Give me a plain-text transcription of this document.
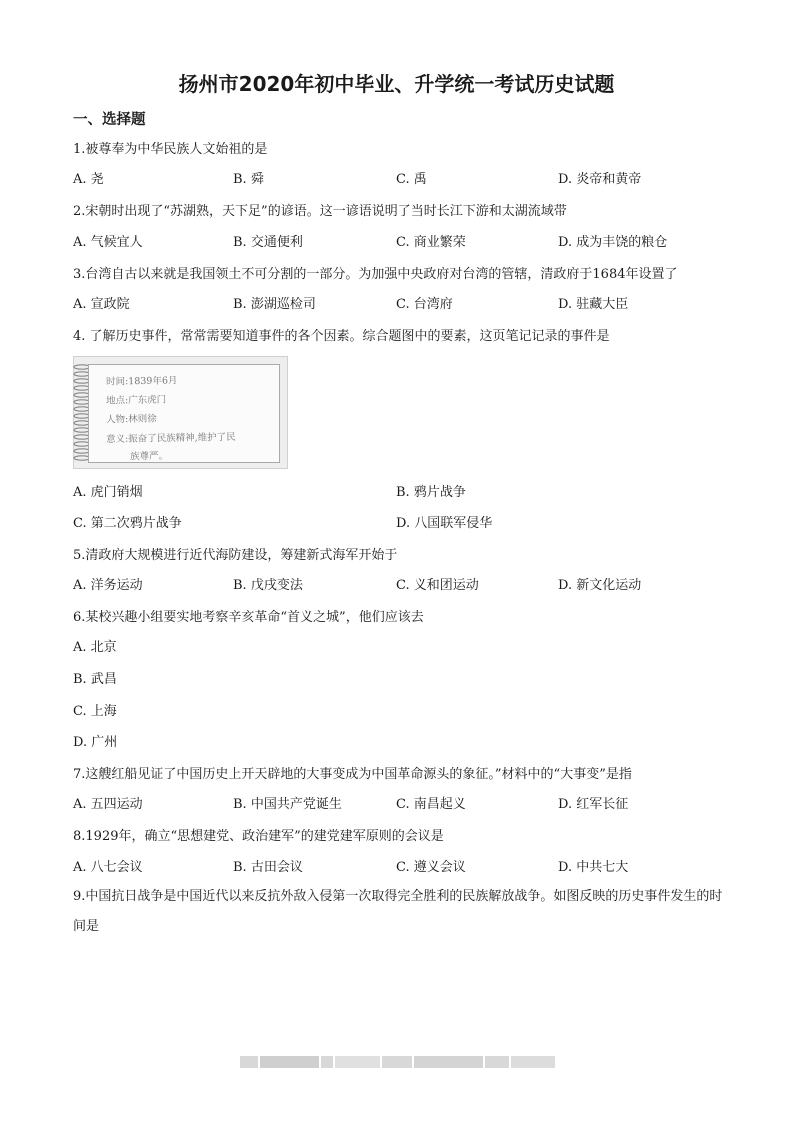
扬州市2020年初中毕业、升学统一考试历史试题
一、选择题
1.被尊奉为中华民族人文始祖的是
A. 尧	B. 舜	C. 禹	D. 炎帝和黄帝
2.宋朝时出现了“苏湖熟，天下足”的谚语。这一谚语说明了当时长江下游和太湖流域带
A. 气候宜人	B. 交通便利	C. 商业繁荣	D. 成为丰饶的粮仓
3.台湾自古以来就是我国领土不可分割的一部分。为加强中央政府对台湾的管辖，清政府于1684年设置了
A. 宣政院	B. 澎湖巡检司	C. 台湾府	D. 驻藏大臣
4. 了解历史事件，常常需要知道事件的各个因素。综合题图中的要素，这页笔记记录的事件是
时间:1839年6月
地点:广东虎门
人物:林则徐
意义:振奋了民族精神,维护了民
族尊严。
A. 虎门销烟	B. 鸦片战争
C. 第二次鸦片战争	D. 八国联军侵华
5.清政府大规模进行近代海防建设，筹建新式海军开始于
A. 洋务运动	B. 戊戌变法	C. 义和团运动	D. 新文化运动
6.某校兴趣小组要实地考察辛亥革命“首义之城”，他们应该去
A. 北京
B. 武昌
C. 上海
D. 广州
7.这艘红船见证了中国历史上开天辟地的大事变成为中国革命源头的象征。”材料中的“大事变”是指
A. 五四运动	B. 中国共产党诞生	C. 南昌起义	D. 红军长征
8.1929年，确立“思想建党、政治建军”的建党建军原则的会议是
A. 八七会议	B. 古田会议	C. 遵义会议	D. 中共七大
9.中国抗日战争是中国近代以来反抗外敌入侵第一次取得完全胜利的民族解放战争。如图反映的历史事件发生的时间是
